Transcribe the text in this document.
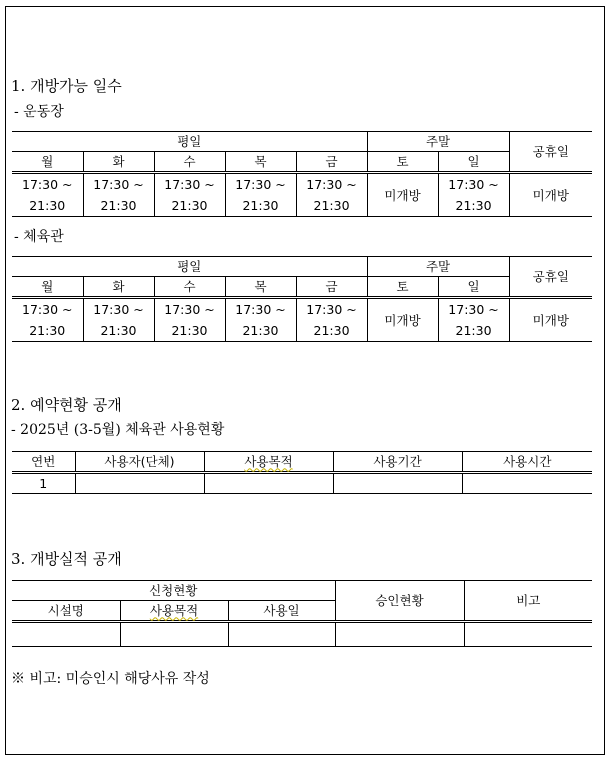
1. 개방가능 일수
- 운동장
평일					주말		공휴일
월	화	수	목	금	토	일	
17:30 ~
21:30	17:30 ~
21:30	17:30 ~
21:30	17:30 ~
21:30	17:30 ~
21:30	미개방	17:30 ~
21:30	미개방
- 체육관
평일					주말		공휴일
월	화	수	목	금	토	일	
17:30 ~
21:30	17:30 ~
21:30	17:30 ~
21:30	17:30 ~
21:30	17:30 ~
21:30	미개방	17:30 ~
21:30	미개방
2. 예약현황 공개
- 2025년 (3-5월) 체육관 사용현황
연번	사용자(단체)	사용목적	사용기간	사용시간
1				
3. 개방실적 공개
신청현황			승인현황	비고
시설명	사용목적	사용일		

※ 비고: 미승인시 해당사유 작성
